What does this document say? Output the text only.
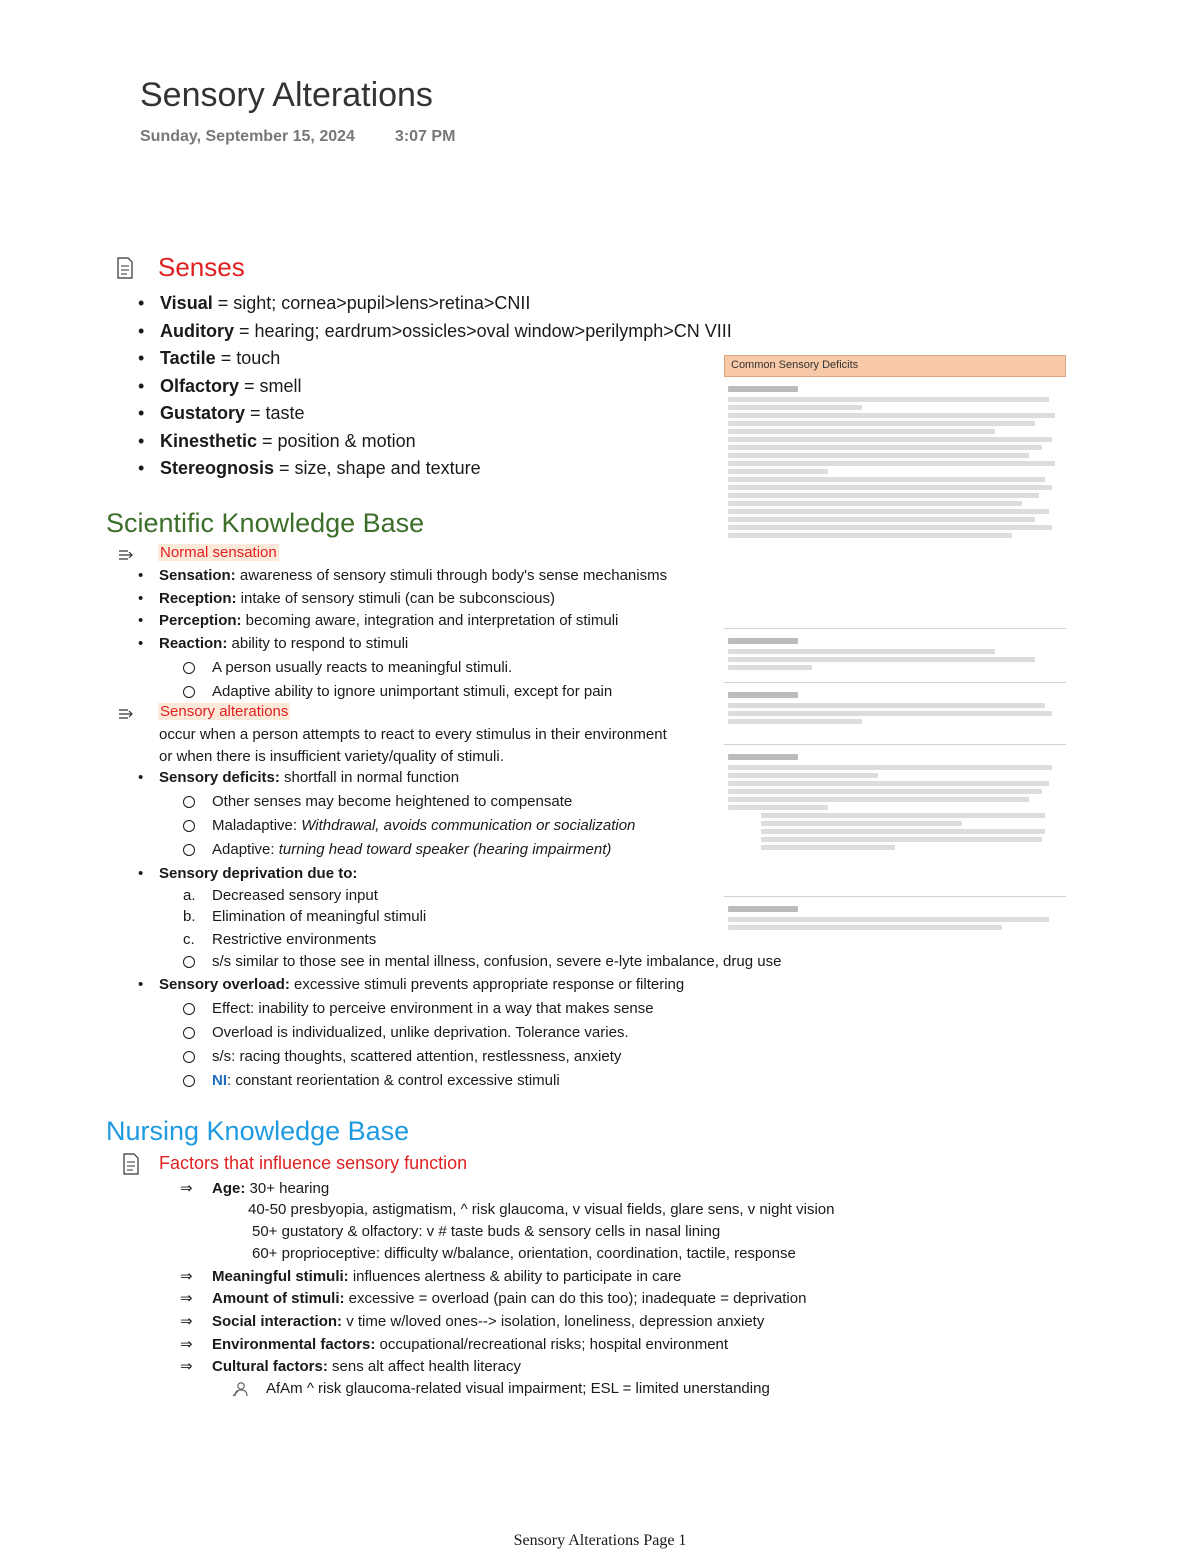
Sensory Alterations
Sunday, September 15, 2024	3:07 PM
Senses
• Visual = sight; cornea>pupil>lens>retina>CNII
• Auditory = hearing; eardrum>ossicles>oval window>perilymph>CN VIII
• Tactile = touch
• Olfactory = smell
• Gustatory = taste
• Kinesthetic = position & motion
• Stereognosis = size, shape and texture
Common Sensory Deficits
Scientific Knowledge Base
Normal sensation
• Sensation: awareness of sensory stimuli through body's sense mechanisms
• Reception: intake of sensory stimuli (can be subconscious)
• Perception: becoming aware, integration and interpretation of stimuli
• Reaction: ability to respond to stimuli
A person usually reacts to meaningful stimuli.
Adaptive ability to ignore unimportant stimuli, except for pain
Sensory alterations
occur when a person attempts to react to every stimulus in their environment
or when there is insufficient variety/quality of stimuli.
• Sensory deficits: shortfall in normal function
Other senses may become heightened to compensate
Maladaptive: Withdrawal, avoids communication or socialization
Adaptive: turning head toward speaker (hearing impairment)
• Sensory deprivation due to:
a. Decreased sensory input
b. Elimination of meaningful stimuli
c. Restrictive environments
s/s similar to those see in mental illness, confusion, severe e-lyte imbalance, drug use
• Sensory overload: excessive stimuli prevents appropriate response or filtering
Effect: inability to perceive environment in a way that makes sense
Overload is individualized, unlike deprivation. Tolerance varies.
s/s: racing thoughts, scattered attention, restlessness, anxiety
NI: constant reorientation & control excessive stimuli
Nursing Knowledge Base
Factors that influence sensory function
⇒ Age: 30+ hearing
40-50 presbyopia, astigmatism, ^ risk glaucoma, v visual fields, glare sens, v night vision
50+ gustatory & olfactory: v # taste buds & sensory cells in nasal lining
60+ proprioceptive: difficulty w/balance, orientation, coordination, tactile, response
⇒ Meaningful stimuli: influences alertness & ability to participate in care
⇒ Amount of stimuli: excessive = overload (pain can do this too); inadequate = deprivation
⇒ Social interaction: v time w/loved ones--> isolation, loneliness, depression anxiety
⇒ Environmental factors: occupational/recreational risks; hospital environment
⇒ Cultural factors: sens alt affect health literacy
AfAm ^ risk glaucoma-related visual impairment; ESL = limited unerstanding
Sensory Alterations Page 1
